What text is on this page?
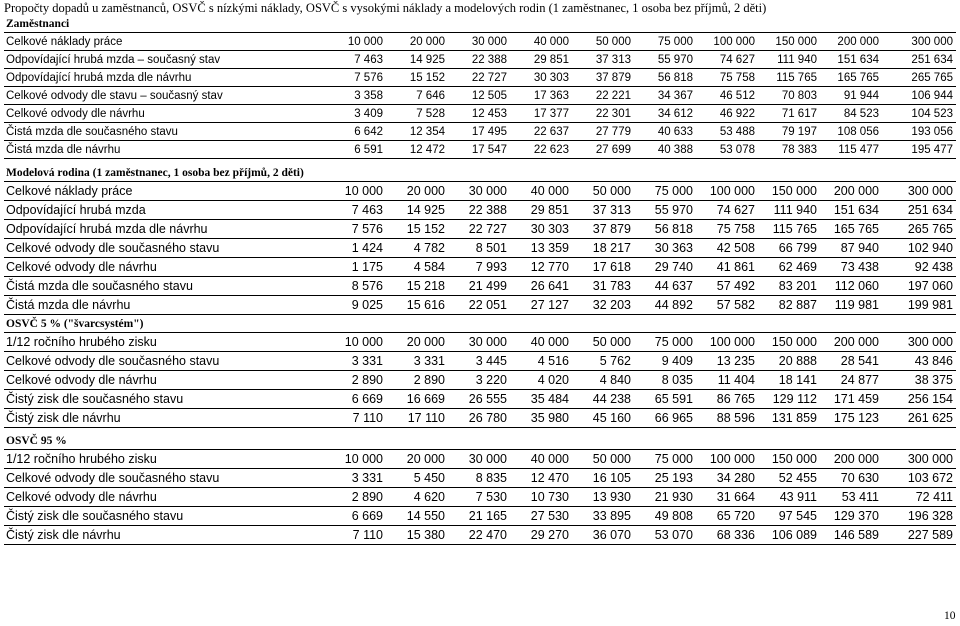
Propočty dopadů u zaměstnanců, OSVČ s nízkými náklady, OSVČ s vysokými náklady a modelových rodin (1 zaměstnanec, 1 osoba bez příjmů, 2 děti)
Zaměstnanci
Celkové náklady práce	10 000	20 000	30 000	40 000	50 000	75 000	100 000	150 000	200 000	300 000
Odpovídající hrubá mzda – současný stav	7 463	14 925	22 388	29 851	37 313	55 970	74 627	111 940	151 634	251 634
Odpovídající hrubá mzda dle návrhu	7 576	15 152	22 727	30 303	37 879	56 818	75 758	115 765	165 765	265 765
Celkové odvody dle stavu – současný stav	3 358	7 646	12 505	17 363	22 221	34 367	46 512	70 803	91 944	106 944
Celkové odvody dle návrhu	3 409	7 528	12 453	17 377	22 301	34 612	46 922	71 617	84 523	104 523
Čistá mzda dle současného stavu	6 642	12 354	17 495	22 637	27 779	40 633	53 488	79 197	108 056	193 056
Čistá mzda dle návrhu	6 591	12 472	17 547	22 623	27 699	40 388	53 078	78 383	115 477	195 477
Modelová rodina (1 zaměstnanec, 1 osoba bez příjmů, 2 děti)
Celkové náklady práce	10 000	20 000	30 000	40 000	50 000	75 000	100 000	150 000	200 000	300 000
Odpovídající hrubá mzda	7 463	14 925	22 388	29 851	37 313	55 970	74 627	111 940	151 634	251 634
Odpovídající hrubá mzda dle návrhu	7 576	15 152	22 727	30 303	37 879	56 818	75 758	115 765	165 765	265 765
Celkové odvody dle současného stavu	1 424	4 782	8 501	13 359	18 217	30 363	42 508	66 799	87 940	102 940
Celkové odvody dle návrhu	1 175	4 584	7 993	12 770	17 618	29 740	41 861	62 469	73 438	92 438
Čistá mzda dle současného stavu	8 576	15 218	21 499	26 641	31 783	44 637	57 492	83 201	112 060	197 060
Čistá mzda dle návrhu	9 025	15 616	22 051	27 127	32 203	44 892	57 582	82 887	119 981	199 981
OSVČ 5 % ("švarcsystém")
1/12 ročního hrubého zisku	10 000	20 000	30 000	40 000	50 000	75 000	100 000	150 000	200 000	300 000
Celkové odvody dle současného stavu	3 331	3 331	3 445	4 516	5 762	9 409	13 235	20 888	28 541	43 846
Celkové odvody dle návrhu	2 890	2 890	3 220	4 020	4 840	8 035	11 404	18 141	24 877	38 375
Čistý zisk dle současného stavu	6 669	16 669	26 555	35 484	44 238	65 591	86 765	129 112	171 459	256 154
Čistý zisk dle návrhu	7 110	17 110	26 780	35 980	45 160	66 965	88 596	131 859	175 123	261 625
OSVČ 95 %
1/12 ročního hrubého zisku	10 000	20 000	30 000	40 000	50 000	75 000	100 000	150 000	200 000	300 000
Celkové odvody dle současného stavu	3 331	5 450	8 835	12 470	16 105	25 193	34 280	52 455	70 630	103 672
Celkové odvody dle návrhu	2 890	4 620	7 530	10 730	13 930	21 930	31 664	43 911	53 411	72 411
Čistý zisk dle současného stavu	6 669	14 550	21 165	27 530	33 895	49 808	65 720	97 545	129 370	196 328
Čistý zisk dle návrhu	7 110	15 380	22 470	29 270	36 070	53 070	68 336	106 089	146 589	227 589
10
